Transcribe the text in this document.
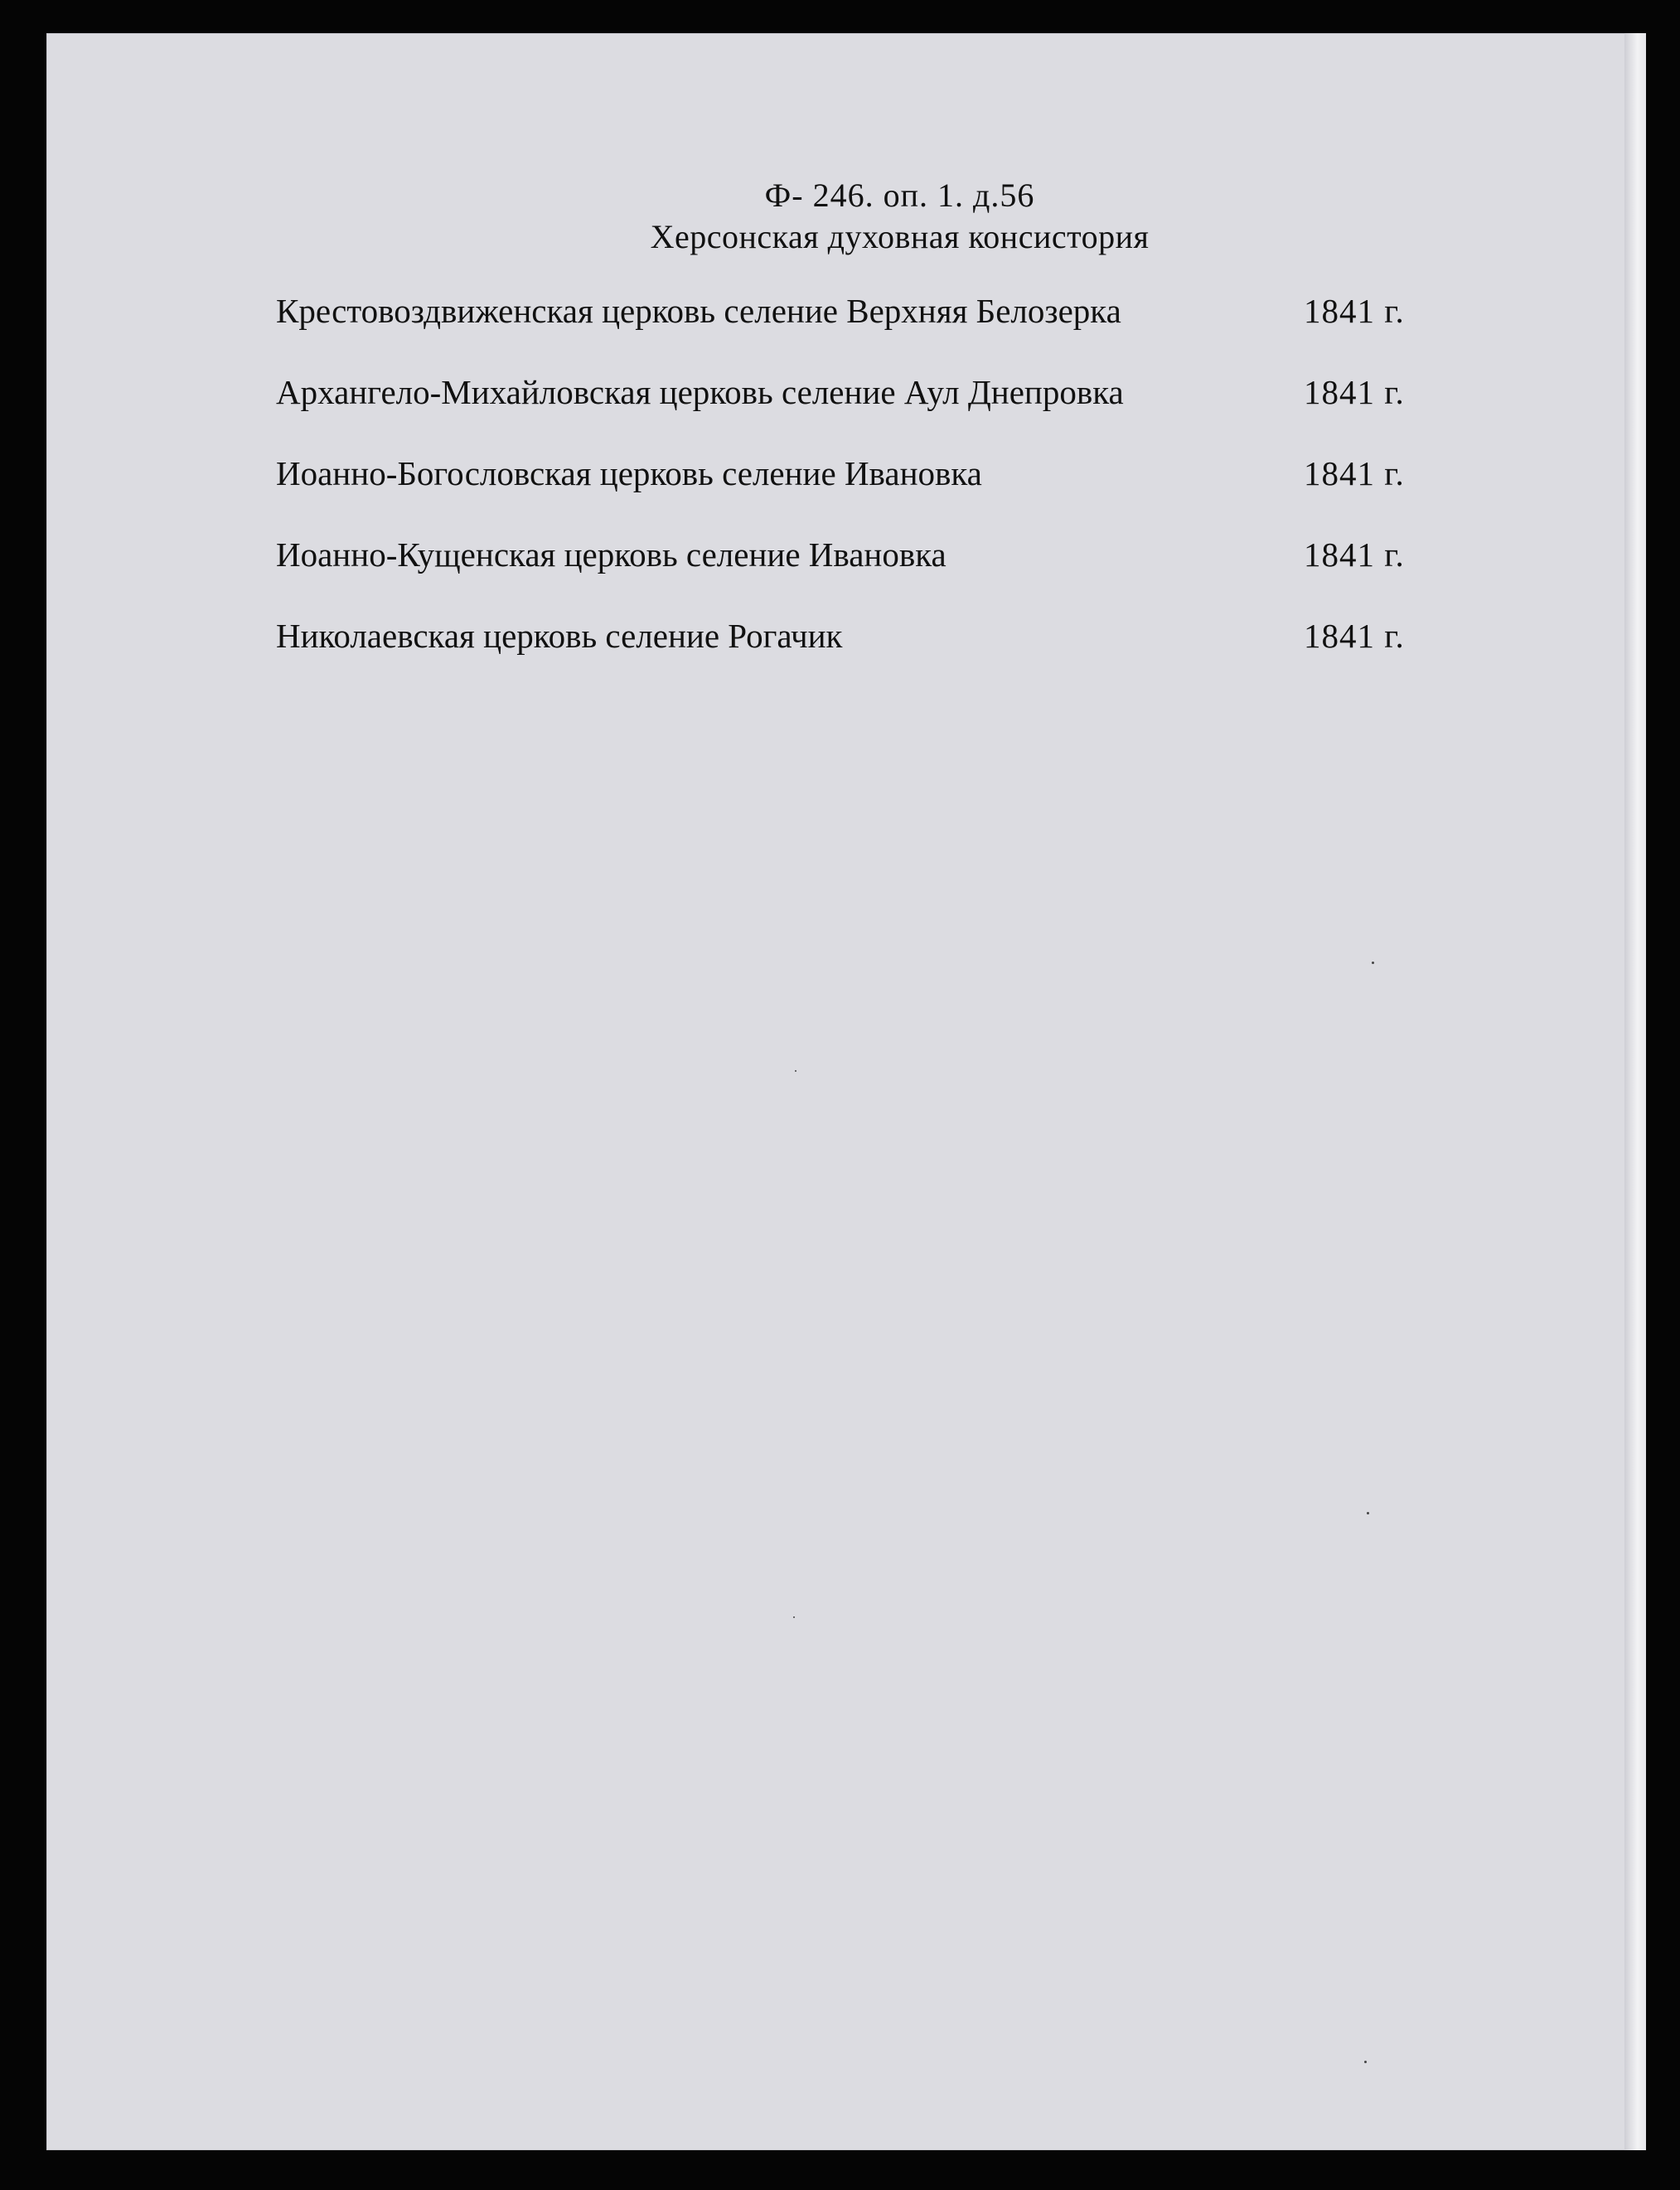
Ф- 246. оп. 1. д.56
Херсонская духовная консистория
Крестовоздвиженская церковь селение Верхняя Белозерка	1841 г.
Архангело-Михайловская церковь селение Аул Днепровка	1841 г.
Иоанно-Богословская церковь селение Ивановка	1841 г.
Иоанно-Кущенская церковь селение Ивановка	1841 г.
Николаевская церковь селение Рогачик	1841 г.
